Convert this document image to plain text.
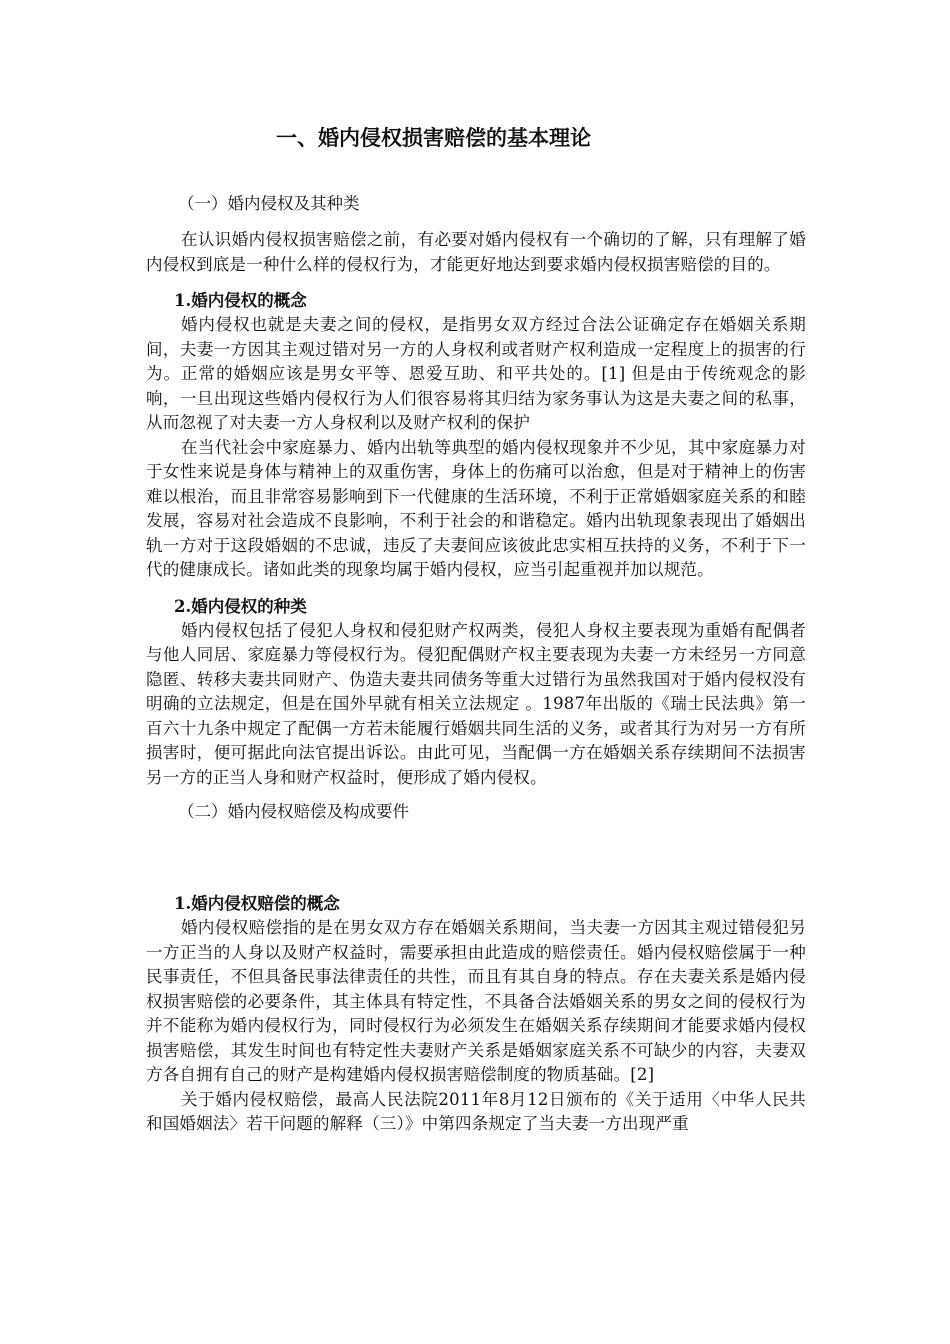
一、婚内侵权损害赔偿的基本理论
（一）婚内侵权及其种类

在认识婚内侵权损害赔偿之前，有必要对婚内侵权有一个确切的了解，只有理解了婚内侵权到底是一种什么样的侵权行为，才能更好地达到要求婚内侵权损害赔偿的目的。

1.婚内侵权的概念

婚内侵权也就是夫妻之间的侵权，是指男女双方经过合法公证确定存在婚姻关系期间，夫妻一方因其主观过错对另一方的人身权利或者财产权利造成一定程度上的损害的行为。正常的婚姻应该是男女平等、恩爱互助、和平共处的。[1] 但是由于传统观念的影响，一旦出现这些婚内侵权行为人们很容易将其归结为家务事认为这是夫妻之间的私事，从而忽视了对夫妻一方人身权利以及财产权利的保护

在当代社会中家庭暴力、婚内出轨等典型的婚内侵权现象并不少见，其中家庭暴力对于女性来说是身体与精神上的双重伤害，身体上的伤痛可以治愈，但是对于精神上的伤害难以根治，而且非常容易影响到下一代健康的生活环境，不利于正常婚姻家庭关系的和睦发展，容易对社会造成不良影响，不利于社会的和谐稳定。婚内出轨现象表现出了婚姻出轨一方对于这段婚姻的不忠诚，违反了夫妻间应该彼此忠实相互扶持的义务，不利于下一代的健康成长。诸如此类的现象均属于婚内侵权，应当引起重视并加以规范。

2.婚内侵权的种类

婚内侵权包括了侵犯人身权和侵犯财产权两类，侵犯人身权主要表现为重婚有配偶者与他人同居、家庭暴力等侵权行为。侵犯配偶财产权主要表现为夫妻一方未经另一方同意隐匿、转移夫妻共同财产、伪造夫妻共同债务等重大过错行为虽然我国对于婚内侵权没有明确的立法规定，但是在国外早就有相关立法规定 。1987年出版的《瑞士民法典》第一百六十九条中规定了配偶一方若未能履行婚姻共同生活的义务，或者其行为对另一方有所损害时，便可据此向法官提出诉讼。由此可见，当配偶一方在婚姻关系存续期间不法损害另一方的正当人身和财产权益时，便形成了婚内侵权。

（二）婚内侵权赔偿及构成要件
1.婚内侵权赔偿的概念

婚内侵权赔偿指的是在男女双方存在婚姻关系期间，当夫妻一方因其主观过错侵犯另一方正当的人身以及财产权益时，需要承担由此造成的赔偿责任。婚内侵权赔偿属于一种民事责任，不但具备民事法律责任的共性，而且有其自身的特点。存在夫妻关系是婚内侵权损害赔偿的必要条件，其主体具有特定性，不具备合法婚姻关系的男女之间的侵权行为并不能称为婚内侵权行为，同时侵权行为必须发生在婚姻关系存续期间才能要求婚内侵权损害赔偿，其发生时间也有特定性夫妻财产关系是婚姻家庭关系不可缺少的内容，夫妻双方各自拥有自己的财产是构建婚内侵权损害赔偿制度的物质基础。[2]

关于婚内侵权赔偿，最高人民法院2011年8月12日颁布的《关于适用〈中华人民共和国婚姻法〉若干问题的解释（三）》中第四条规定了当夫妻一方出现严重
